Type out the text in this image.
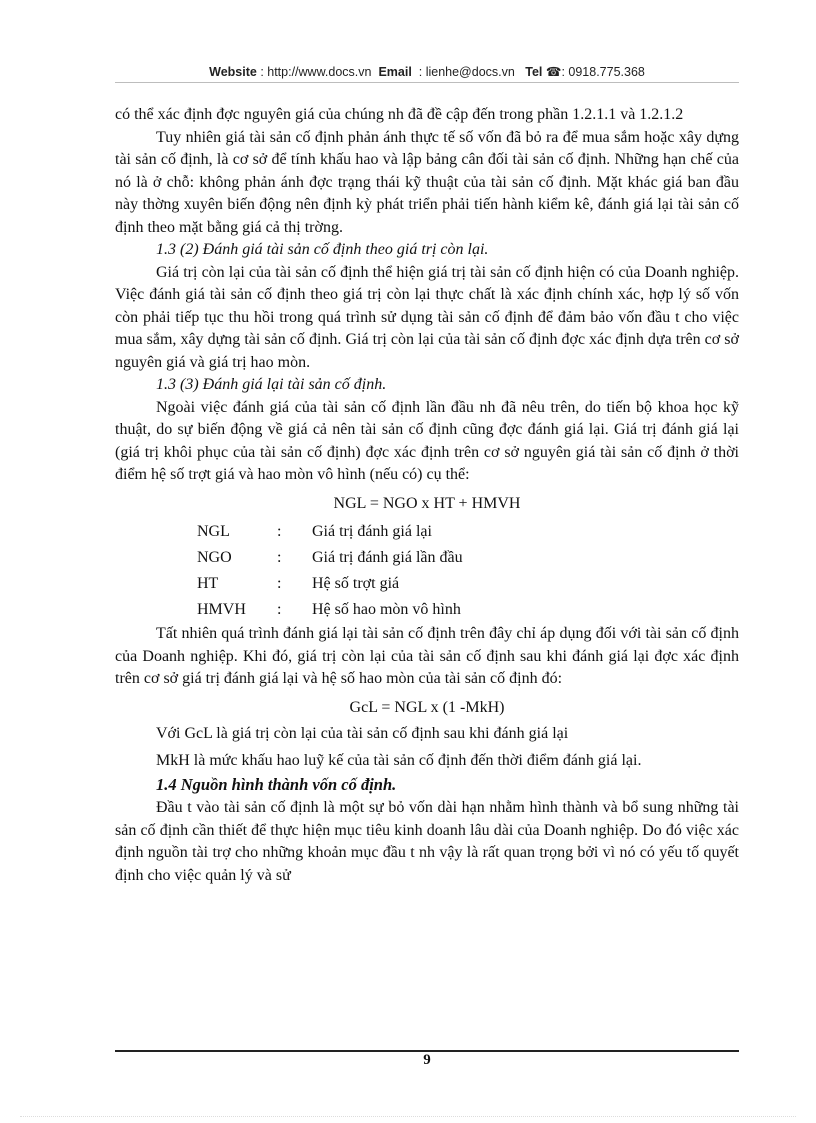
Website : http://www.docs.vn Email : lienhe@docs.vn Tel ☎: 0918.775.368

có thể xác định đợc nguyên giá của chúng nh đã đề cập đến trong phần 1.2.1.1 và 1.2.1.2

Tuy nhiên giá tài sản cố định phản ánh thực tế số vốn đã bỏ ra để mua sắm hoặc xây dựng tài sản cố định, là cơ sở để tính khấu hao và lập bảng cân đối tài sản cố định. Những hạn chế của nó là ở chỗ: không phản ánh đợc trạng thái kỹ thuật của tài sản cố định. Mặt khác giá ban đầu này thờng xuyên biến động nên định kỳ phát triển phải tiến hành kiểm kê, đánh giá lại tài sản cố định theo mặt bằng giá cả thị trờng.

1.3 (2) Đánh giá tài sản cố định theo giá trị còn lại.

Giá trị còn lại của tài sản cố định thể hiện giá trị tài sản cố định hiện có của Doanh nghiệp. Việc đánh giá tài sản cố định theo giá trị còn lại thực chất là xác định chính xác, hợp lý số vốn còn phải tiếp tục thu hồi trong quá trình sử dụng tài sản cố định để đảm bảo vốn đầu t cho việc mua sắm, xây dựng tài sản cố định. Giá trị còn lại của tài sản cố định đợc xác định dựa trên cơ sở nguyên giá và giá trị hao mòn.

1.3 (3) Đánh giá lại tài sản cố định.

Ngoài việc đánh giá của tài sản cố định lần đầu nh đã nêu trên, do tiến bộ khoa học kỹ thuật, do sự biến động về giá cả nên tài sản cố định cũng đợc đánh giá lại. Giá trị đánh giá lại (giá trị khôi phục của tài sản cố định) đợc xác định trên cơ sở nguyên giá tài sản cố định ở thời điểm hệ số trợt giá và hao mòn vô hình (nếu có) cụ thể:

NGL = NGO x HT + HMVH
NGL	:	Giá trị đánh giá lại
NGO	:	Giá trị đánh giá lần đầu
HT	:	Hệ số trợt giá
HMVH	:	Hệ số hao mòn vô hình

Tất nhiên quá trình đánh giá lại tài sản cố định trên đây chỉ áp dụng đối với tài sản cố định của Doanh nghiệp. Khi đó, giá trị còn lại của tài sản cố định sau khi đánh giá lại đợc xác định trên cơ sở giá trị đánh giá lại và hệ số hao mòn của tài sản cố định đó:

GcL = NGL x (1 -MkH)

Với GcL là giá trị còn lại của tài sản cố định sau khi đánh giá lại

MkH là mức khấu hao luỹ kế của tài sản cố định đến thời điểm đánh giá lại.

1.4 Nguồn hình thành vốn cố định.

Đầu t vào tài sản cố định là một sự bỏ vốn dài hạn nhằm hình thành và bổ sung những tài sản cố định cần thiết để thực hiện mục tiêu kinh doanh lâu dài của Doanh nghiệp. Do đó việc xác định nguồn tài trợ cho những khoản mục đầu t nh vậy là rất quan trọng bởi vì nó có yếu tố quyết định cho việc quản lý và sử

9
